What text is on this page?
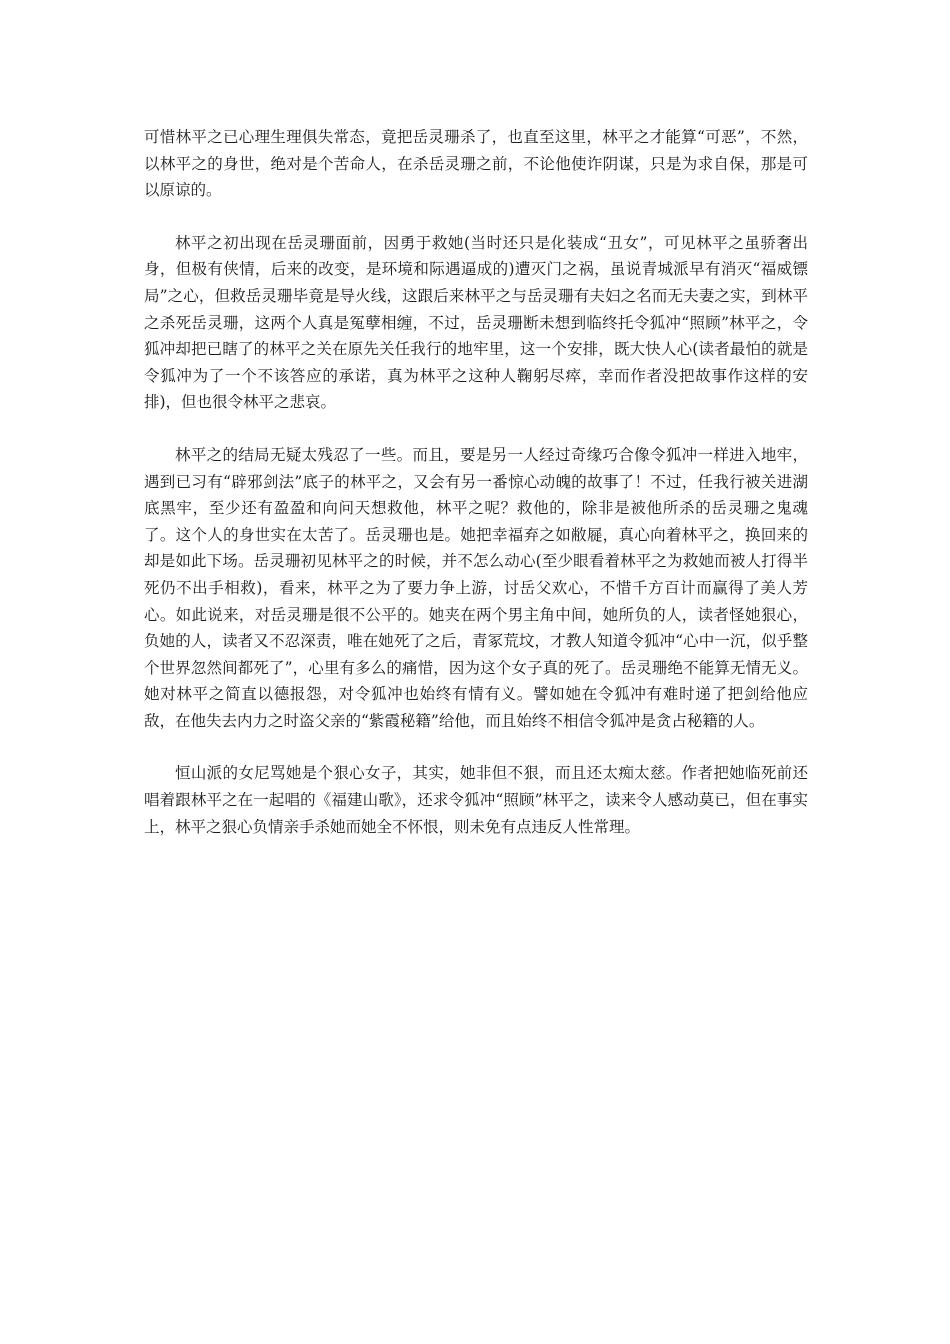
可惜林平之已心理生理俱失常态，竟把岳灵珊杀了，也直至这里，林平之才能算“可恶”，不然，以林平之的身世，绝对是个苦命人，在杀岳灵珊之前，不论他使诈阴谋，只是为求自保，那是可以原谅的。

林平之初出现在岳灵珊面前，因勇于救她(当时还只是化装成“丑女”，可见林平之虽骄奢出身，但极有侠情，后来的改变，是环境和际遇逼成的)遭灭门之祸，虽说青城派早有消灭“福威镖局”之心，但救岳灵珊毕竟是导火线，这跟后来林平之与岳灵珊有夫妇之名而无夫妻之实，到林平之杀死岳灵珊，这两个人真是冤孽相缠，不过，岳灵珊断未想到临终托令狐冲“照顾”林平之，令狐冲却把已瞎了的林平之关在原先关任我行的地牢里，这一个安排，既大快人心(读者最怕的就是令狐冲为了一个不该答应的承诺，真为林平之这种人鞠躬尽瘁，幸而作者没把故事作这样的安排)，但也很令林平之悲哀。

林平之的结局无疑太残忍了一些。而且，要是另一人经过奇缘巧合像令狐冲一样进入地牢，遇到已习有“辟邪剑法”底子的林平之，又会有另一番惊心动魄的故事了！不过，任我行被关进湖底黑牢，至少还有盈盈和向问天想救他，林平之呢？救他的，除非是被他所杀的岳灵珊之鬼魂了。这个人的身世实在太苦了。岳灵珊也是。她把幸福弃之如敝屣，真心向着林平之，换回来的却是如此下场。岳灵珊初见林平之的时候，并不怎么动心(至少眼看着林平之为救她而被人打得半死仍不出手相救)，看来，林平之为了要力争上游，讨岳父欢心，不惜千方百计而赢得了美人芳心。如此说来，对岳灵珊是很不公平的。她夹在两个男主角中间，她所负的人，读者怪她狠心，负她的人，读者又不忍深责，唯在她死了之后，青冢荒坟，才教人知道令狐冲“心中一沉，似乎整个世界忽然间都死了”，心里有多么的痛惜，因为这个女子真的死了。岳灵珊绝不能算无情无义。她对林平之简直以德报怨，对令狐冲也始终有情有义。譬如她在令狐冲有难时递了把剑给他应敌，在他失去内力之时盗父亲的“紫霞秘籍”给他，而且始终不相信令狐冲是贪占秘籍的人。

恒山派的女尼骂她是个狠心女子，其实，她非但不狠，而且还太痴太慈。作者把她临死前还唱着跟林平之在一起唱的《福建山歌》，还求令狐冲“照顾”林平之，读来令人感动莫已，但在事实上，林平之狠心负情亲手杀她而她全不怀恨，则未免有点违反人性常理。
